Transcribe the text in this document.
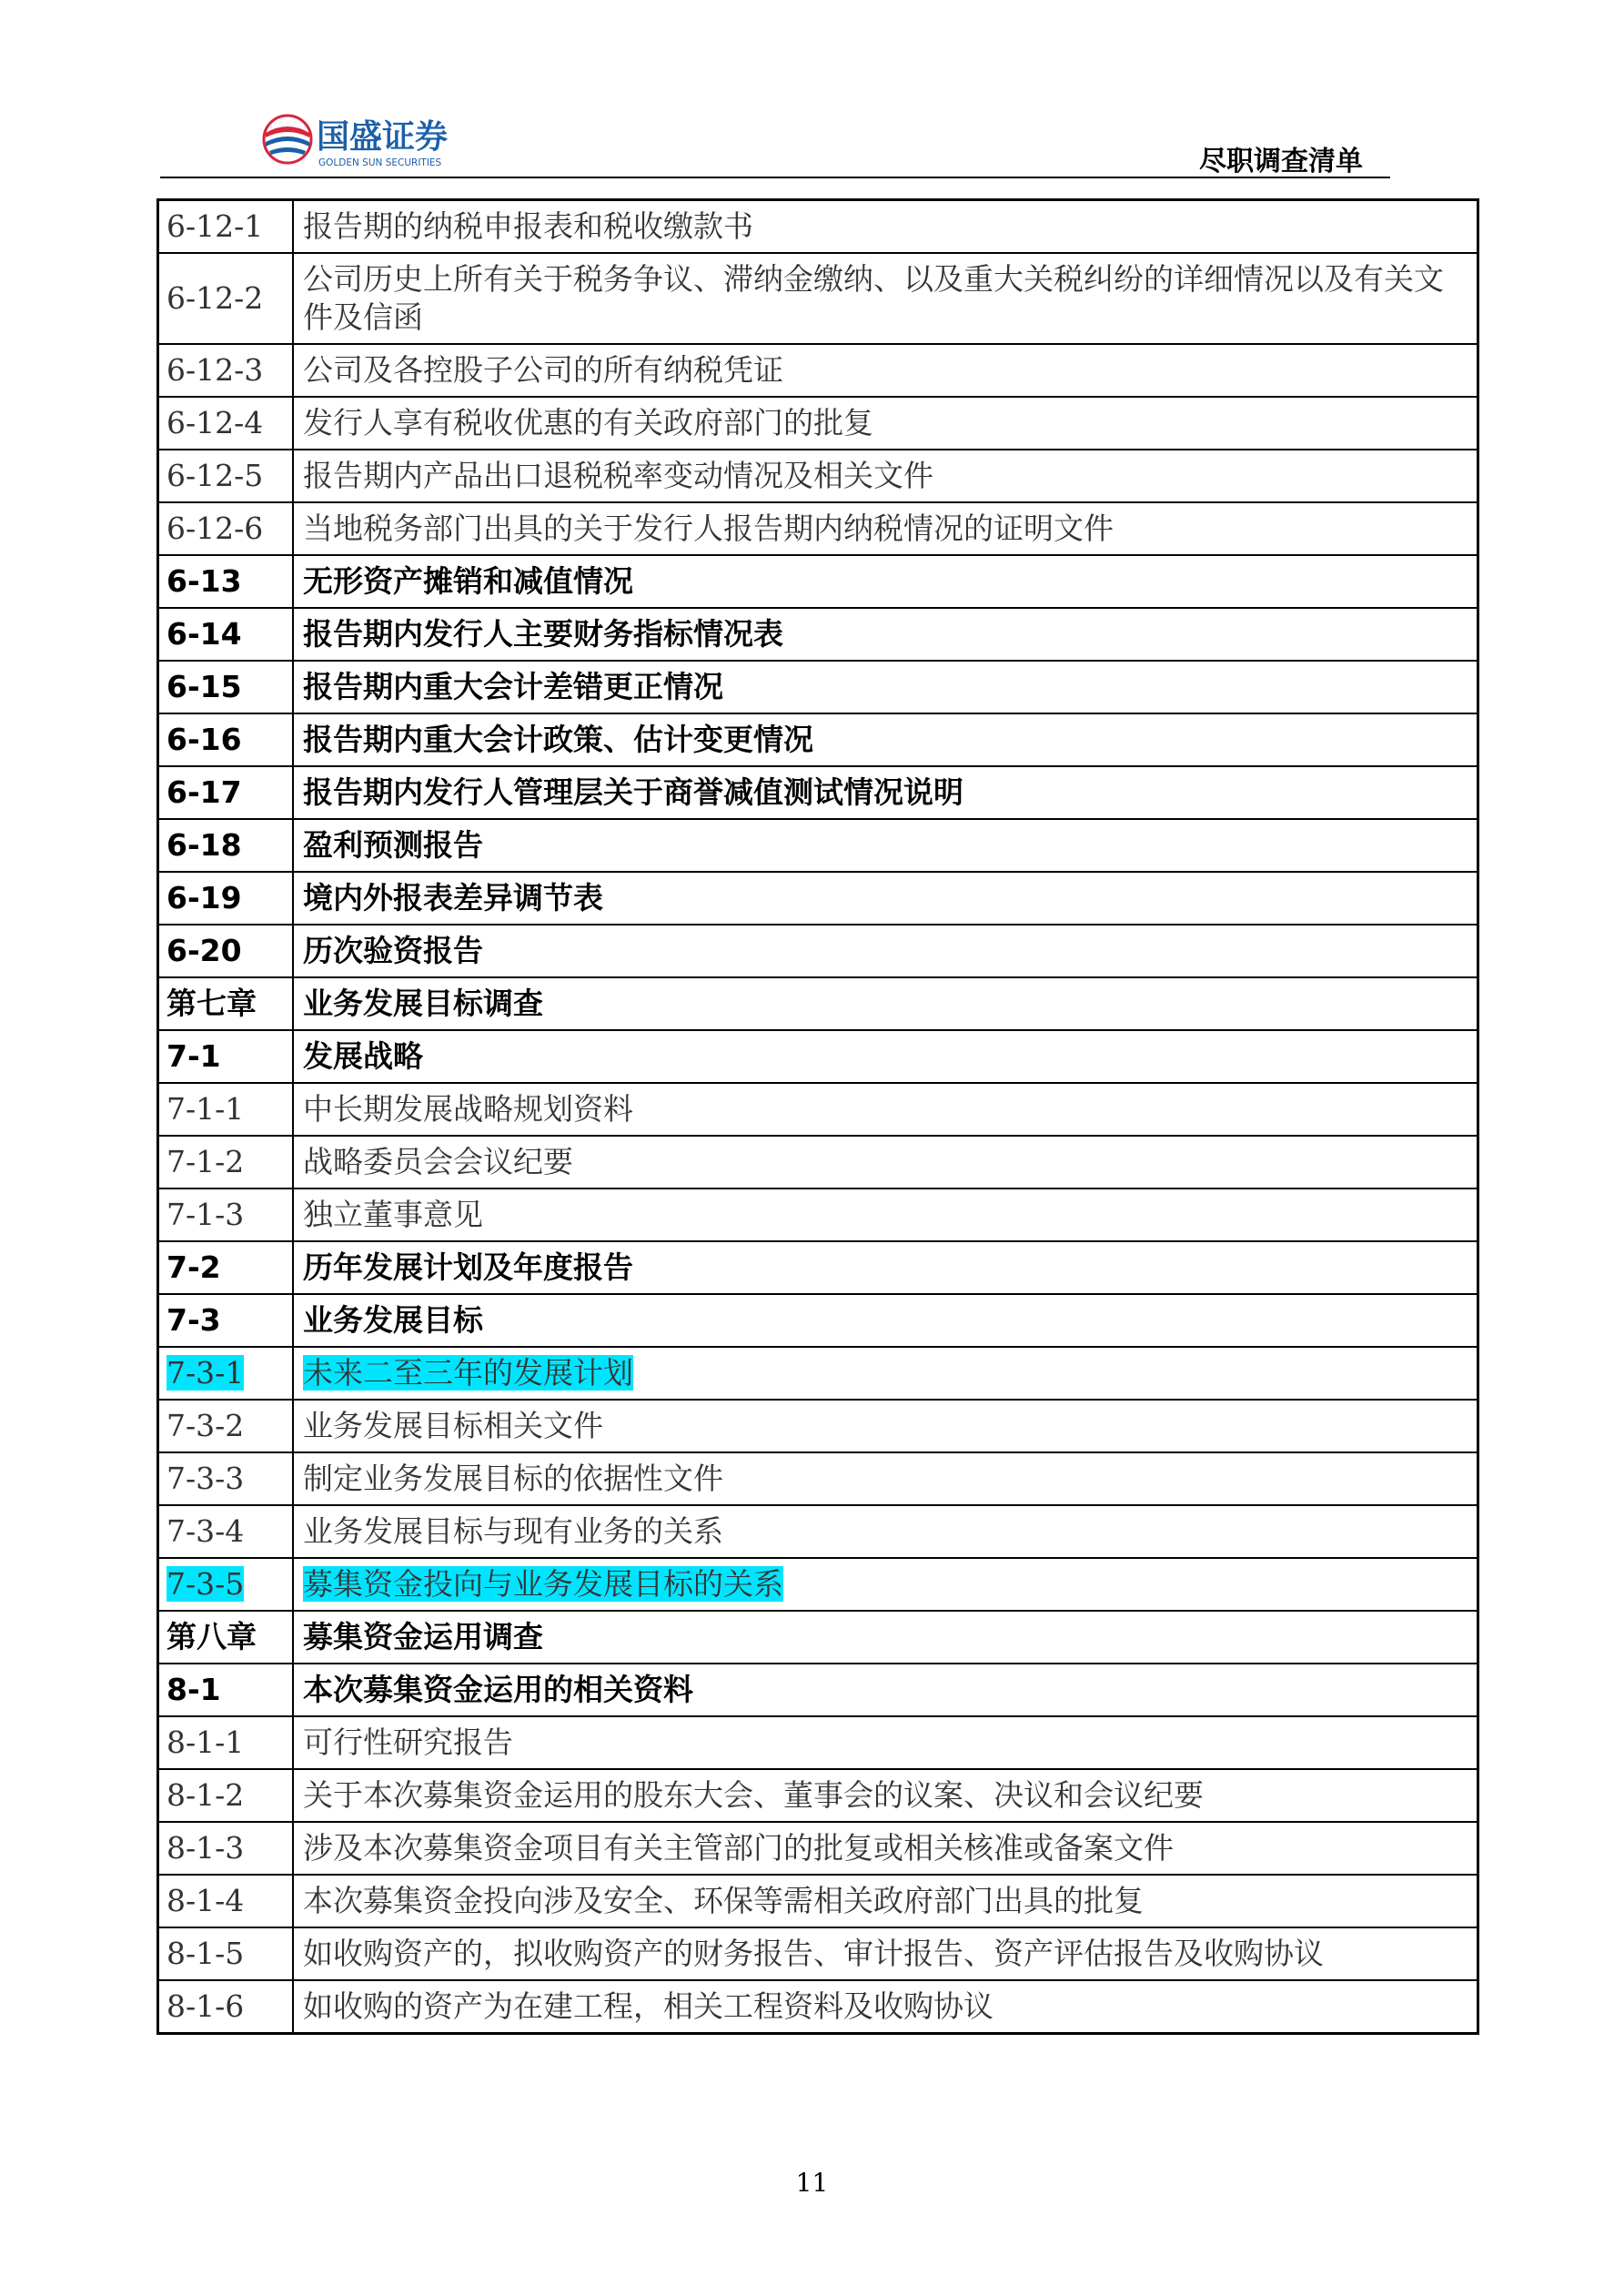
国盛证券
GOLDEN SUN SECURITIES	尽职调查清单
6-12-1	报告期的纳税申报表和税收缴款书
6-12-2	公司历史上所有关于税务争议、滞纳金缴纳、以及重大关税纠纷的详细情况以及有关文件及信函
6-12-3	公司及各控股子公司的所有纳税凭证
6-12-4	发行人享有税收优惠的有关政府部门的批复
6-12-5	报告期内产品出口退税税率变动情况及相关文件
6-12-6	当地税务部门出具的关于发行人报告期内纳税情况的证明文件
6-13	无形资产摊销和减值情况
6-14	报告期内发行人主要财务指标情况表
6-15	报告期内重大会计差错更正情况
6-16	报告期内重大会计政策、估计变更情况
6-17	报告期内发行人管理层关于商誉减值测试情况说明
6-18	盈利预测报告
6-19	境内外报表差异调节表
6-20	历次验资报告
第七章	业务发展目标调查
7-1	发展战略
7-1-1	中长期发展战略规划资料
7-1-2	战略委员会会议纪要
7-1-3	独立董事意见
7-2	历年发展计划及年度报告
7-3	业务发展目标
7-3-1	未来二至三年的发展计划
7-3-2	业务发展目标相关文件
7-3-3	制定业务发展目标的依据性文件
7-3-4	业务发展目标与现有业务的关系
7-3-5	募集资金投向与业务发展目标的关系
第八章	募集资金运用调查
8-1	本次募集资金运用的相关资料
8-1-1	可行性研究报告
8-1-2	关于本次募集资金运用的股东大会、董事会的议案、决议和会议纪要
8-1-3	涉及本次募集资金项目有关主管部门的批复或相关核准或备案文件
8-1-4	本次募集资金投向涉及安全、环保等需相关政府部门出具的批复
8-1-5	如收购资产的，拟收购资产的财务报告、审计报告、资产评估报告及收购协议
8-1-6	如收购的资产为在建工程，相关工程资料及收购协议
11
